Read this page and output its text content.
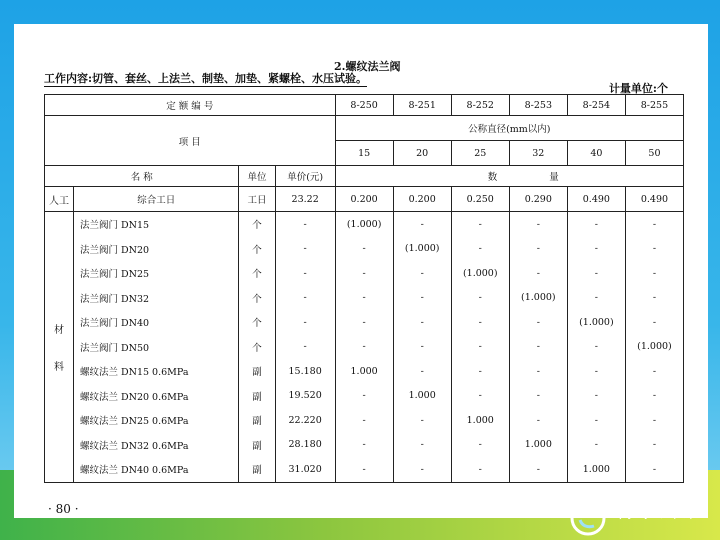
2.螺纹法兰阀
工作内容:切管、套丝、上法兰、制垫、加垫、紧螺栓、水压试验。
计量单位:个
定 额 编 号				8-250	8-251	8-252	8-253	8-254	8-255
项 目				公称直径(mm以内)					
				15	20	25	32	40	50
名 称		单位	单价(元)	数			量		
人工	综合工日	工日	23.22	0.200	0.200	0.250	0.290	0.490	0.490

材
料	法兰阀门 DN15	个	-	(1.000)	-	-	-	-	-
	法兰阀门 DN20	个	-	-	(1.000)	-	-	-	-
	法兰阀门 DN25	个	-	-	-	(1.000)	-	-	-
	法兰阀门 DN32	个	-	-	-	-	(1.000)	-	-
	法兰阀门 DN40	个	-	-	-	-	-	(1.000)	-
	法兰阀门 DN50	个	-	-	-	-	-	-	(1.000)
	螺纹法兰 DN15 0.6MPa	副	15.180	1.000	-	-	-	-	-
	螺纹法兰 DN20 0.6MPa	副	19.520	-	1.000	-	-	-	-
	螺纹法兰 DN25 0.6MPa	副	22.220	-	-	1.000	-	-	-
	螺纹法兰 DN32 0.6MPa	副	28.180	-	-	-	1.000	-	-
	螺纹法兰 DN40 0.6MPa	副	31.020	-	-	-	-	1.000	-
· 80 ·	行水云课
